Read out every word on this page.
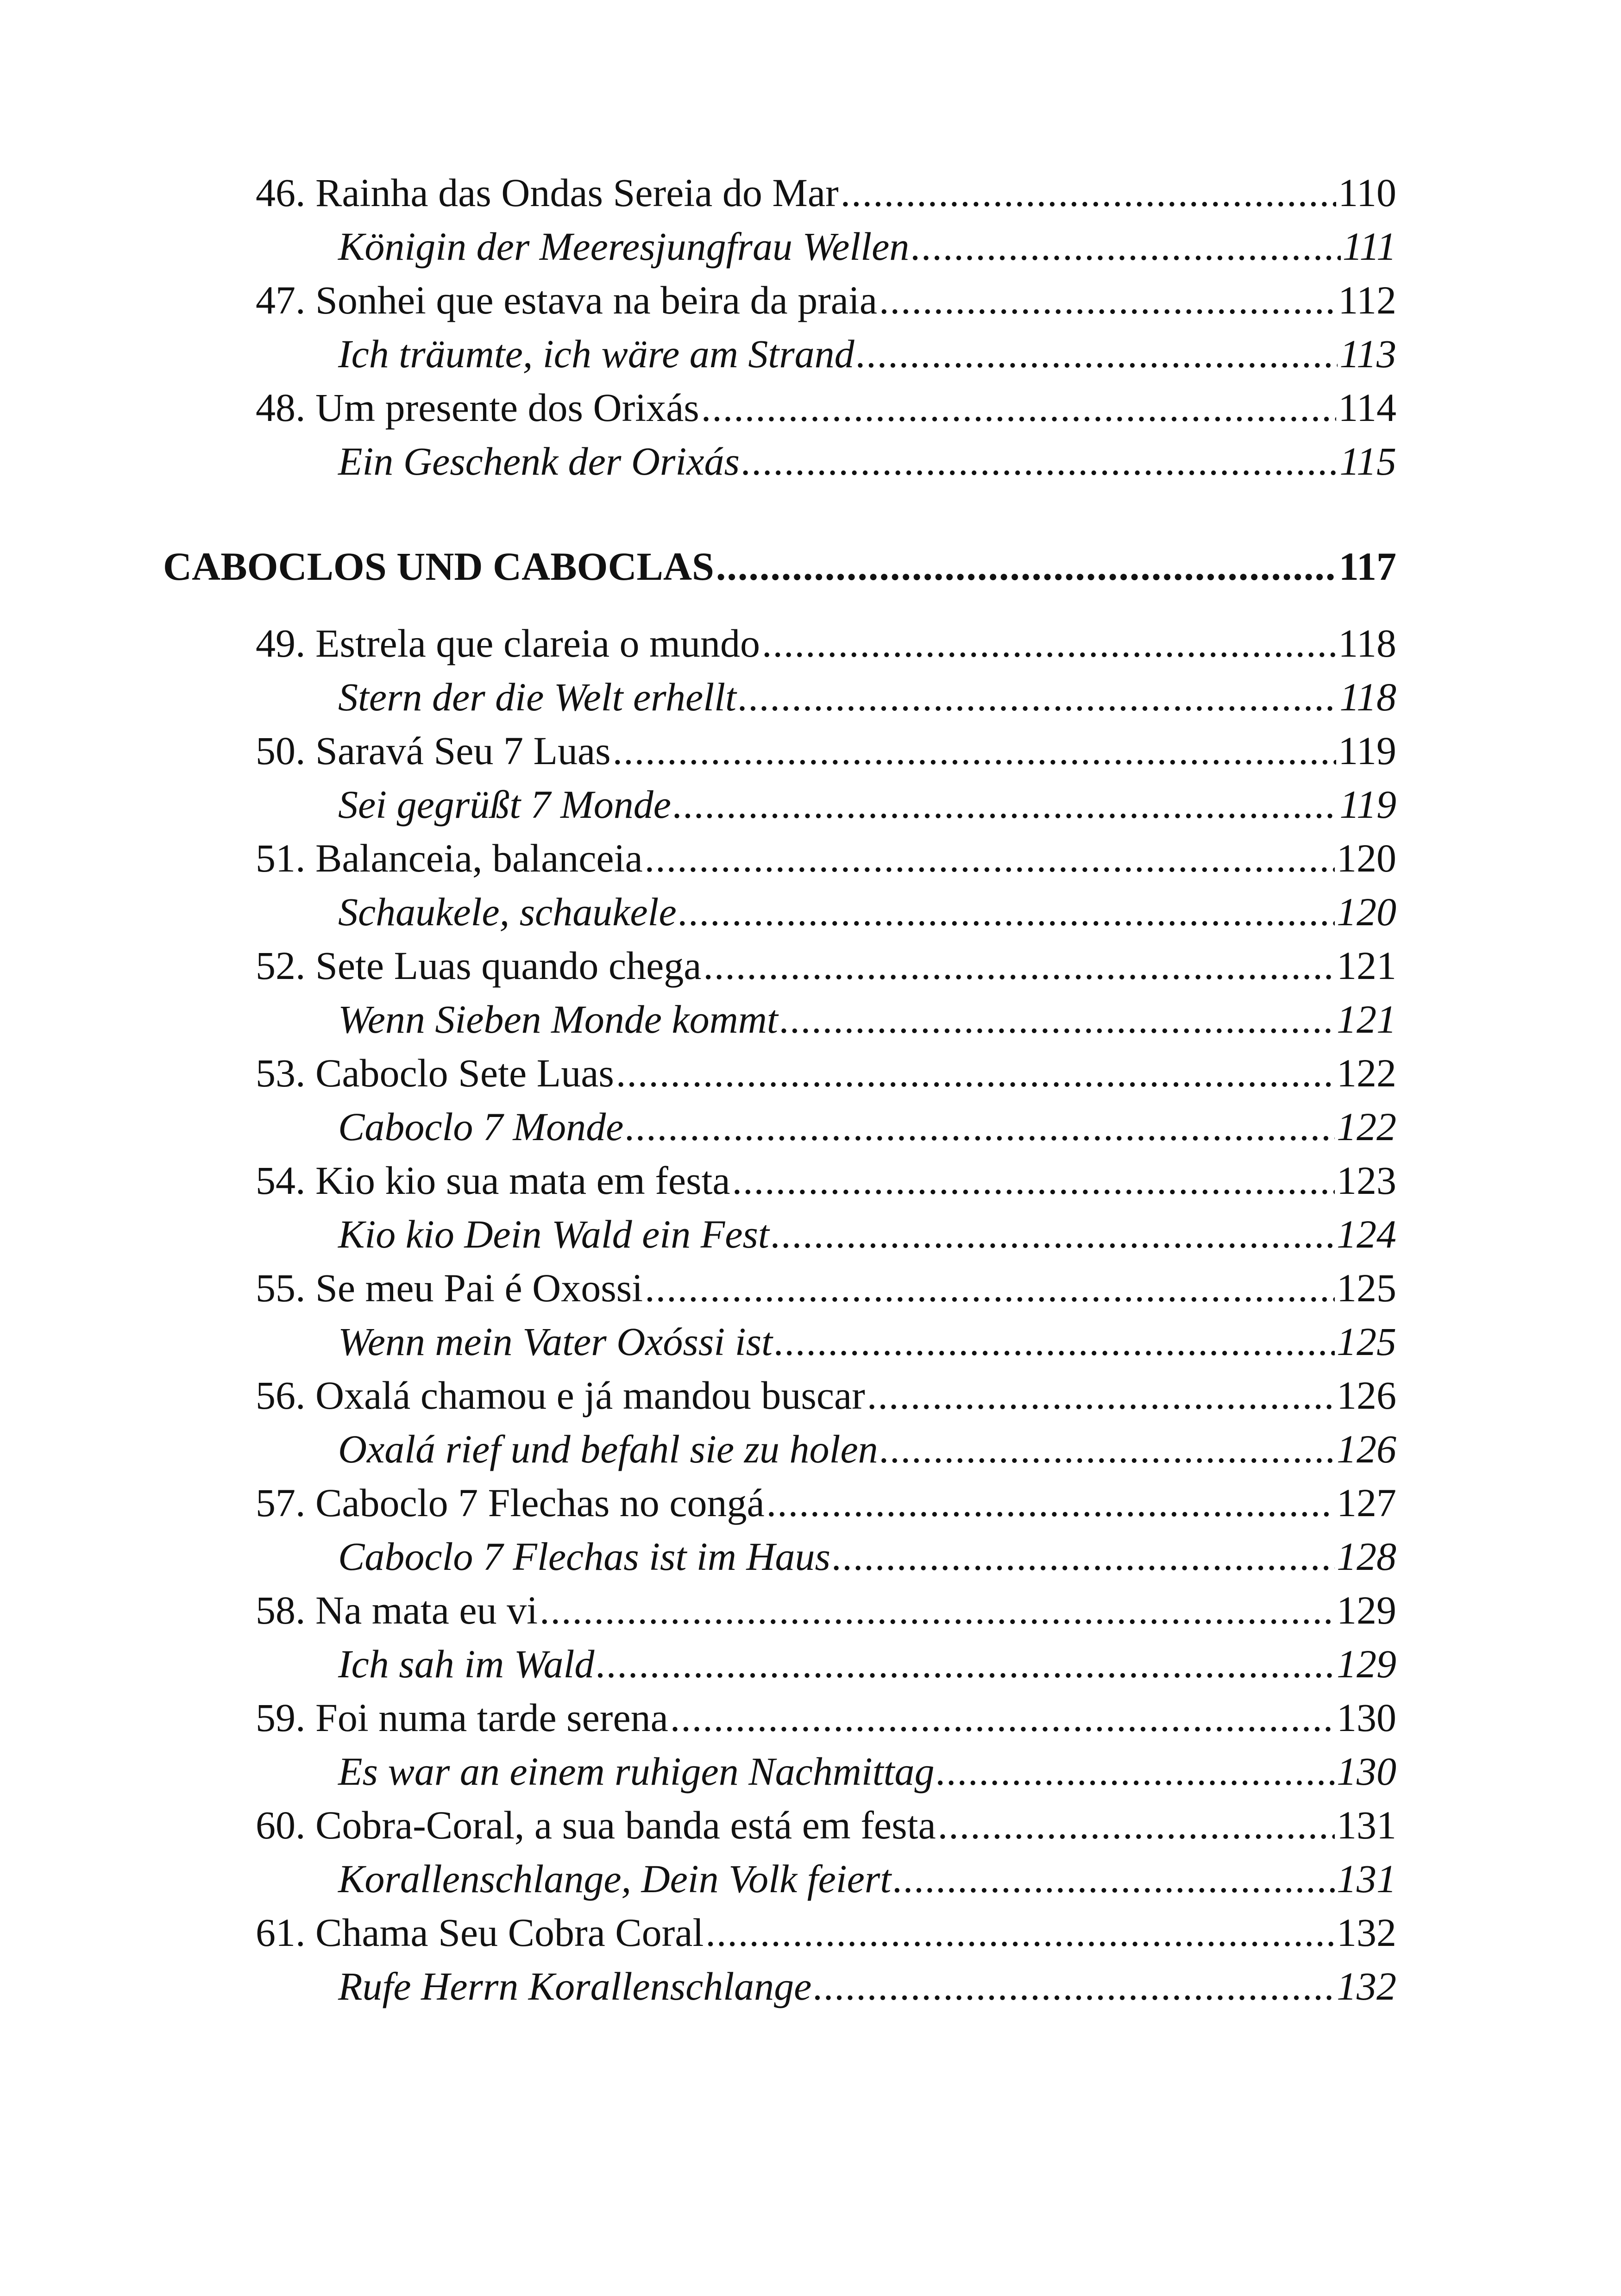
46. Rainha das Ondas Sereia do Mar .....	110
Königin der Meeresjungfrau Wellen .....	111
47. Sonhei que estava na beira da praia .....	112
Ich träumte, ich wäre am Strand .....	113
48. Um presente dos Orixás .....	114
Ein Geschenk der Orixás .....	115
CABOCLOS UND CABOCLAS .....	117
49. Estrela que clareia o mundo .....	118
Stern der die Welt erhellt .....	118
50. Saravá Seu 7 Luas .....	119
Sei gegrüßt 7 Monde .....	119
51. Balanceia, balanceia .....	120
Schaukele, schaukele .....	120
52. Sete Luas quando chega .....	121
Wenn Sieben Monde kommt .....	121
53. Caboclo Sete Luas .....	122
Caboclo 7 Monde .....	122
54. Kio kio sua mata em festa .....	123
Kio kio Dein Wald ein Fest .....	124
55. Se meu Pai é Oxossi .....	125
Wenn mein Vater Oxóssi ist .....	125
56. Oxalá chamou e já mandou buscar .....	126
Oxalá rief und befahl sie zu holen .....	126
57. Caboclo 7 Flechas no congá .....	127
Caboclo 7 Flechas ist im Haus .....	128
58. Na mata eu vi .....	129
Ich sah im Wald .....	129
59. Foi numa tarde serena .....	130
Es war an einem ruhigen Nachmittag .....	130
60. Cobra-Coral, a sua banda está em festa .....	131
Korallenschlange, Dein Volk feiert .....	131
61. Chama Seu Cobra Coral .....	132
Rufe Herrn Korallenschlange .....	132
